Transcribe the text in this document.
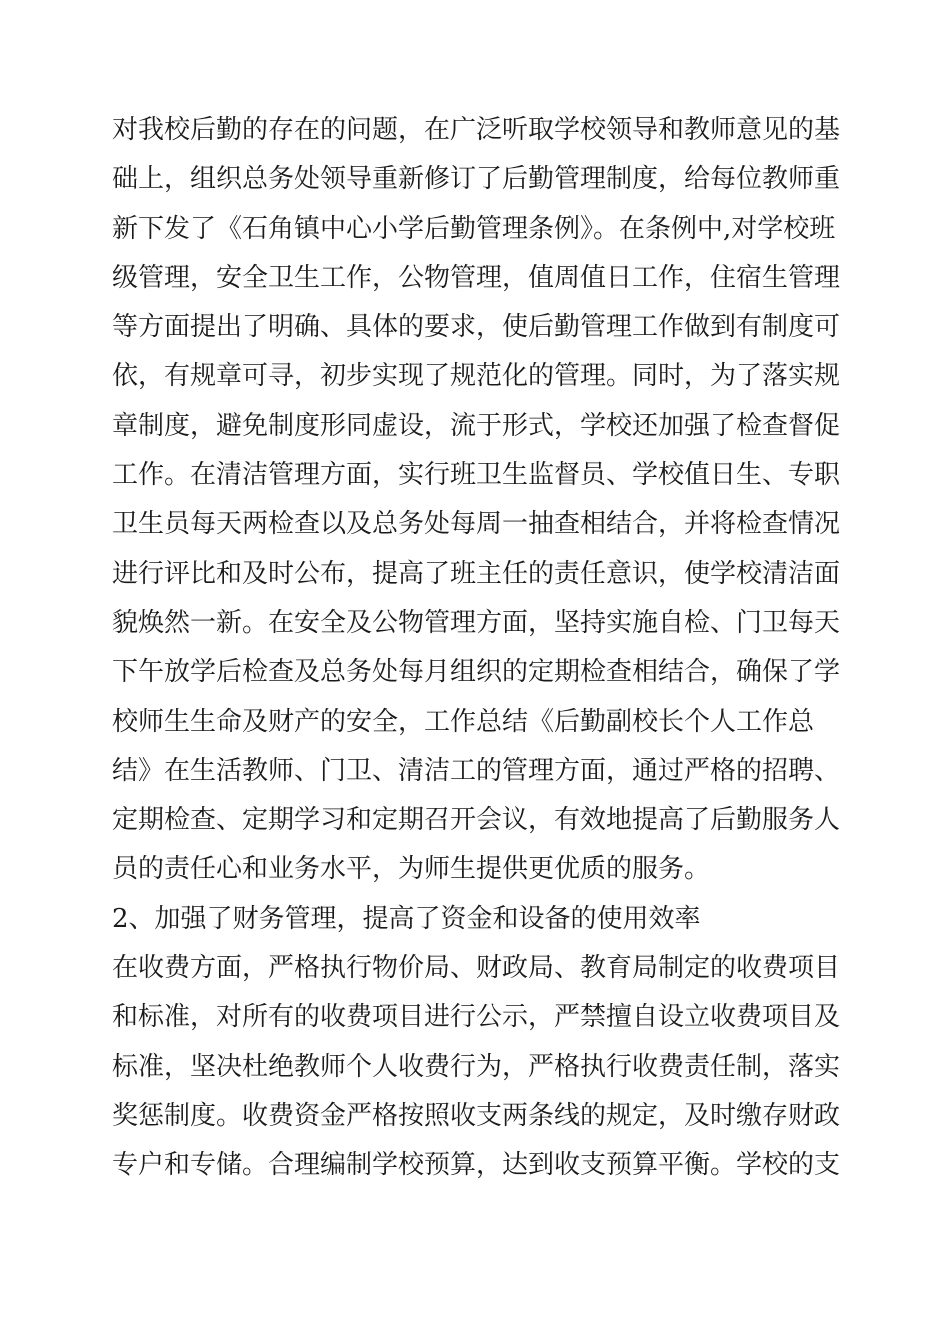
对我校后勤的存在的问题，在广泛听取学校领导和教师意见的基
础上，组织总务处领导重新修订了后勤管理制度，给每位教师重
新下发了《石角镇中心小学后勤管理条例》。在条例中,对学校班
级管理，安全卫生工作，公物管理，值周值日工作，住宿生管理
等方面提出了明确、具体的要求，使后勤管理工作做到有制度可
依，有规章可寻，初步实现了规范化的管理。同时，为了落实规
章制度，避免制度形同虚设，流于形式，学校还加强了检查督促
工作。在清洁管理方面，实行班卫生监督员、学校值日生、专职
卫生员每天两检查以及总务处每周一抽查相结合，并将检查情况
进行评比和及时公布，提高了班主任的责任意识，使学校清洁面
貌焕然一新。在安全及公物管理方面，坚持实施自检、门卫每天
下午放学后检查及总务处每月组织的定期检查相结合，确保了学
校师生生命及财产的安全，工作总结《后勤副校长个人工作总
结》在生活教师、门卫、清洁工的管理方面，通过严格的招聘、
定期检查、定期学习和定期召开会议，有效地提高了后勤服务人
员的责任心和业务水平，为师生提供更优质的服务。
2、加强了财务管理，提高了资金和设备的使用效率
在收费方面，严格执行物价局、财政局、教育局制定的收费项目
和标准，对所有的收费项目进行公示，严禁擅自设立收费项目及
标准，坚决杜绝教师个人收费行为，严格执行收费责任制，落实
奖惩制度。收费资金严格按照收支两条线的规定，及时缴存财政
专户和专储。合理编制学校预算，达到收支预算平衡。学校的支
